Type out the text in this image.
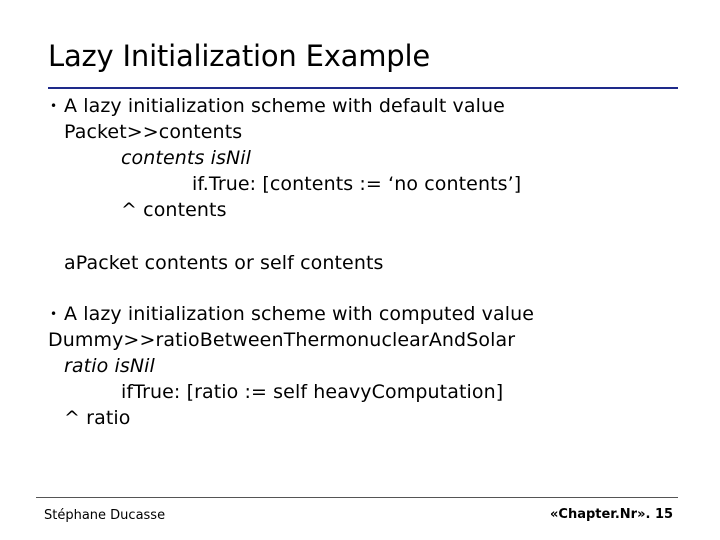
Lazy Initialization Example
• A lazy initialization scheme with default value
Packet>>contents
contents isNil
if.True: [contents := ‘no contents’]
^ contents
aPacket contents or self contents
• A lazy initialization scheme with computed value
Dummy>>ratioBetweenThermonuclearAndSolar
ratio isNil
ifTrue: [ratio := self heavyComputation]
^ ratio
Stéphane Ducasse	«Chapter.Nr». 15
